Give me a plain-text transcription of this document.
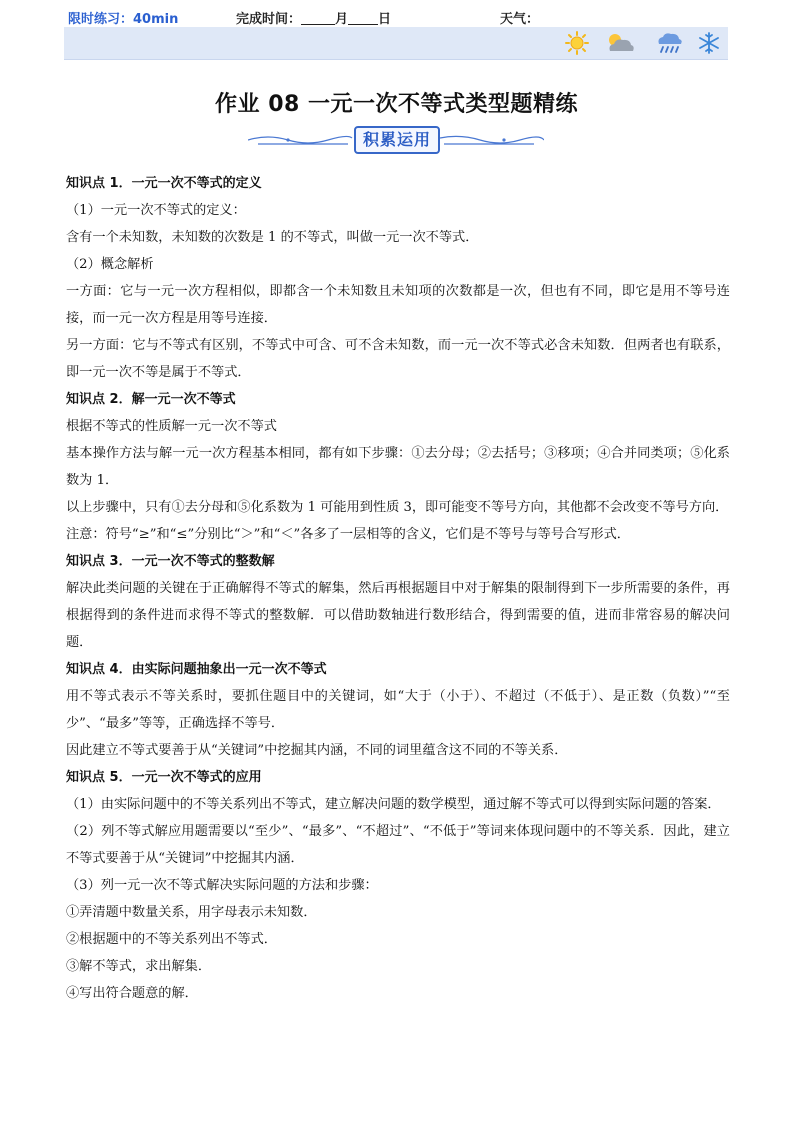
限时练习：40min	完成时间：	月 日	天气：
作业 08 一元一次不等式类型题精练
积累运用

知识点 1．一元一次不等式的定义

（1）一元一次不等式的定义：

含有一个未知数，未知数的次数是 1 的不等式，叫做一元一次不等式．

（2）概念解析

一方面：它与一元一次方程相似，即都含一个未知数且未知项的次数都是一次，但也有不同，即它是用不等号连接，而一元一次方程是用等号连接．

另一方面：它与不等式有区别，不等式中可含、可不含未知数，而一元一次不等式必含未知数．但两者也有联系，即一元一次不等是属于不等式．

知识点 2．解一元一次不等式

根据不等式的性质解一元一次不等式

基本操作方法与解一元一次方程基本相同，都有如下步骤：①去分母；②去括号；③移项；④合并同类项；⑤化系数为 1．

以上步骤中，只有①去分母和⑤化系数为 1 可能用到性质 3，即可能变不等号方向，其他都不会改变不等号方向．

注意：符号“≥”和“≤”分别比“＞”和“＜”各多了一层相等的含义，它们是不等号与等号合写形式．

知识点 3．一元一次不等式的整数解

解决此类问题的关键在于正确解得不等式的解集，然后再根据题目中对于解集的限制得到下一步所需要的条件，再根据得到的条件进而求得不等式的整数解．可以借助数轴进行数形结合，得到需要的值，进而非常容易的解决问题．

知识点 4．由实际问题抽象出一元一次不等式

用不等式表示不等关系时，要抓住题目中的关键词，如“大于（小于）、不超过（不低于）、是正数（负数）”“至少”、“最多”等等，正确选择不等号．

因此建立不等式要善于从“关键词”中挖掘其内涵，不同的词里蕴含这不同的不等关系．

知识点 5．一元一次不等式的应用

（1）由实际问题中的不等关系列出不等式，建立解决问题的数学模型，通过解不等式可以得到实际问题的答案．

（2）列不等式解应用题需要以“至少”、“最多”、“不超过”、“不低于”等词来体现问题中的不等关系．因此，建立不等式要善于从“关键词”中挖掘其内涵．

（3）列一元一次不等式解决实际问题的方法和步骤：

①弄清题中数量关系，用字母表示未知数．

②根据题中的不等关系列出不等式．

③解不等式，求出解集．

④写出符合题意的解．
